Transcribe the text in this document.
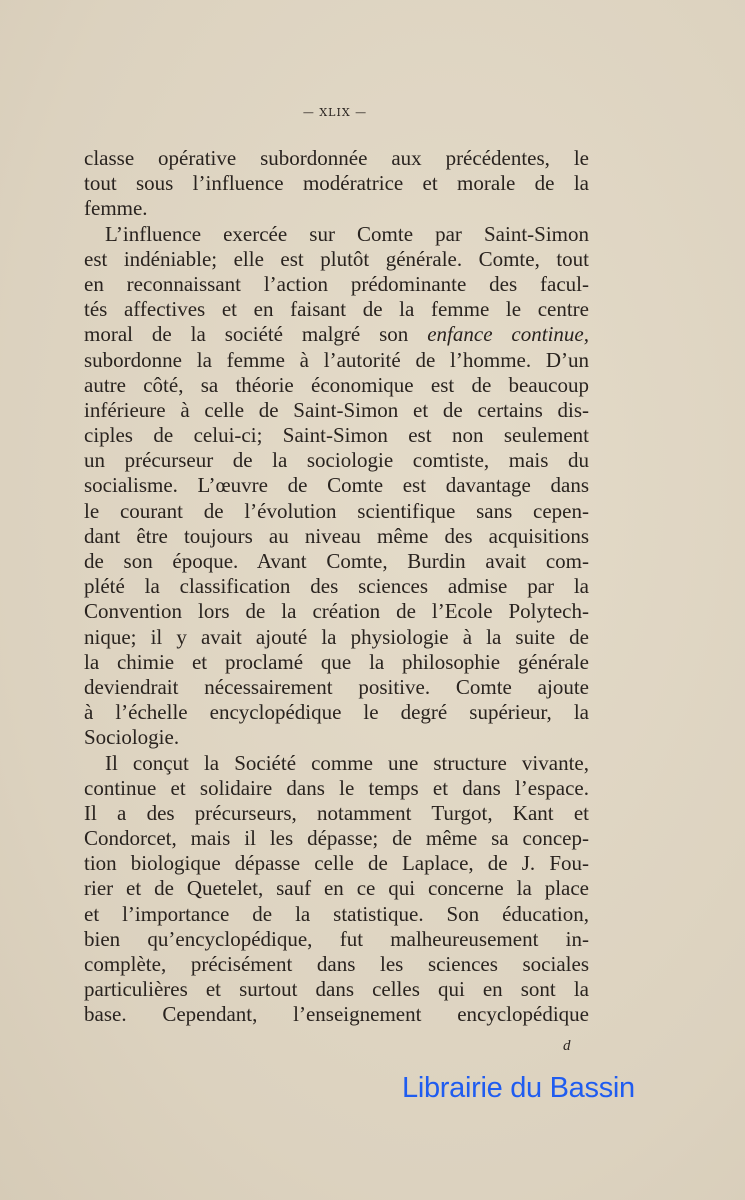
— XLIX —
classe opérative subordonnée aux précédentes, le
tout sous l’influence modératrice et morale de la
femme.
L’influence exercée sur Comte par Saint-Simon
est indéniable; elle est plutôt générale. Comte, tout
en reconnaissant l’action prédominante des facul-
tés affectives et en faisant de la femme le centre
moral de la société malgré son enfance continue,
subordonne la femme à l’autorité de l’homme. D’un
autre côté, sa théorie économique est de beaucoup
inférieure à celle de Saint-Simon et de certains dis-
ciples de celui-ci; Saint-Simon est non seulement
un précurseur de la sociologie comtiste, mais du
socialisme. L’œuvre de Comte est davantage dans
le courant de l’évolution scientifique sans cepen-
dant être toujours au niveau même des acquisitions
de son époque. Avant Comte, Burdin avait com-
plété la classification des sciences admise par la
Convention lors de la création de l’Ecole Polytech-
nique; il y avait ajouté la physiologie à la suite de
la chimie et proclamé que la philosophie générale
deviendrait nécessairement positive. Comte ajoute
à l’échelle encyclopédique le degré supérieur, la
Sociologie.
Il conçut la Société comme une structure vivante,
continue et solidaire dans le temps et dans l’espace.
Il a des précurseurs, notamment Turgot, Kant et
Condorcet, mais il les dépasse; de même sa concep-
tion biologique dépasse celle de Laplace, de J. Fou-
rier et de Quetelet, sauf en ce qui concerne la place
et l’importance de la statistique. Son éducation,
bien qu’encyclopédique, fut malheureusement in-
complète, précisément dans les sciences sociales
particulières et surtout dans celles qui en sont la
base. Cependant, l’enseignement encyclopédique
d
Librairie du Bassin
